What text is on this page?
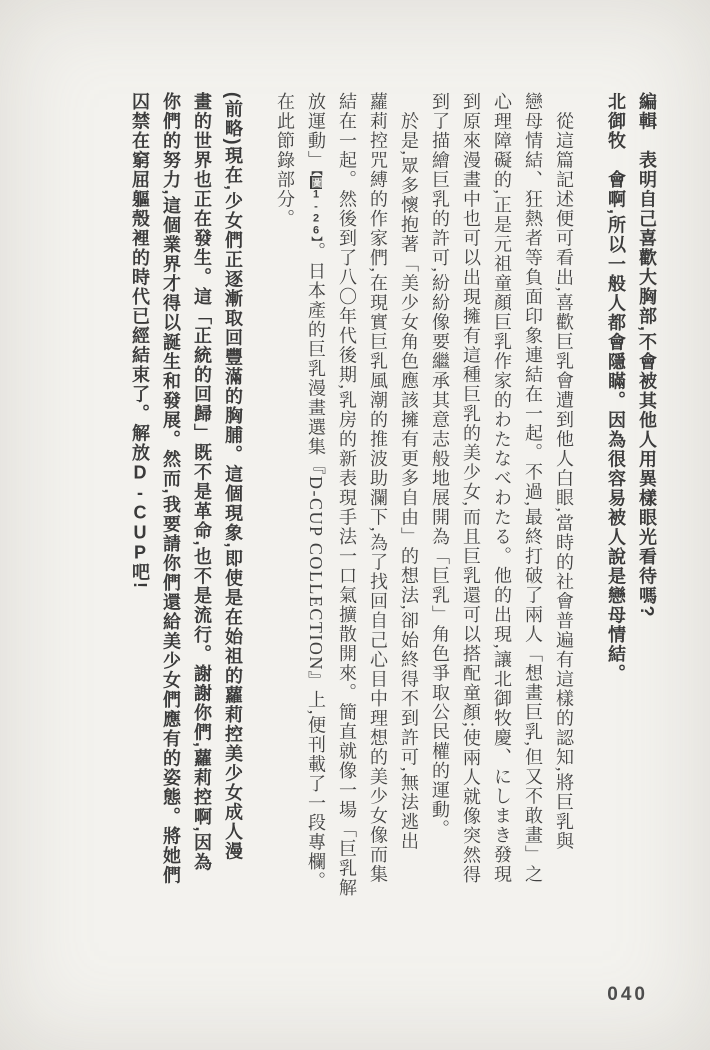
編輯　表明自己喜歡大胸部,不會被其他人用異樣眼光看待嗎?
北御牧　會啊,所以一般人都會隱瞞。因為很容易被人說是戀母情結。
　從這篇記述便可看出,喜歡巨乳會遭到他人白眼,當時的社會普遍有這樣的認知,將巨乳與
戀母情結、狂熱者等負面印象連結在一起。不過,最終打破了兩人「想畫巨乳,但又不敢畫」之
心理障礙的,正是元祖童顏巨乳作家的わたなべわたる。他的出現,讓北御牧慶、にしまき發現
到原來漫畫中也可以出現擁有這種巨乳的美少女,而且巨乳還可以搭配童顏;使兩人就像突然得
到了描繪巨乳的許可,紛紛像要繼承其意志般地展開為「巨乳」角色爭取公民權的運動。
　於是,眾多懷抱著「美少女角色應該擁有更多自由」的想法,卻始終得不到許可,無法逃出
蘿莉控咒縛的作家們,在現實巨乳風潮的推波助瀾下,為了找回自己心目中理想的美少女像而集
結在一起。然後到了八〇年代後期,乳房的新表現手法一口氣擴散開來。簡直就像一場「巨乳解
放運動」【圖1-26】。日本產的巨乳漫畫選集『D-CUP COLLECTION』上,便刊載了一段專欄。
在此節錄部分。
(前略)現在,少女們正逐漸取回豐滿的胸脯。這個現象,即使是在始祖的蘿莉控美少女成人漫
畫的世界也正在發生。這「正統的回歸」既不是革命,也不是流行。謝謝你們,蘿莉控啊,因為
你們的努力,這個業界才得以誕生和發展。然而,我要請你們還給美少女們應有的姿態。將她們
囚禁在窮屈軀殼裡的時代已經結束了。解放D-CUP吧!
040
